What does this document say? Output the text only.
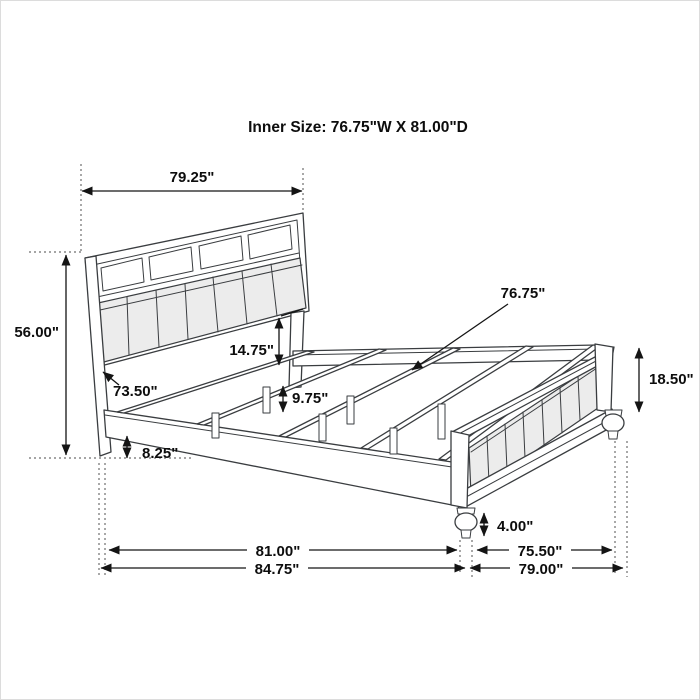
Inner Size: 76.75"W X 81.00"D
79.25"
56.00"
73.50"
14.75"
9.75"
8.25"
76.75"
18.50"
4.00"
81.00"
84.75"
75.50"
79.00"
